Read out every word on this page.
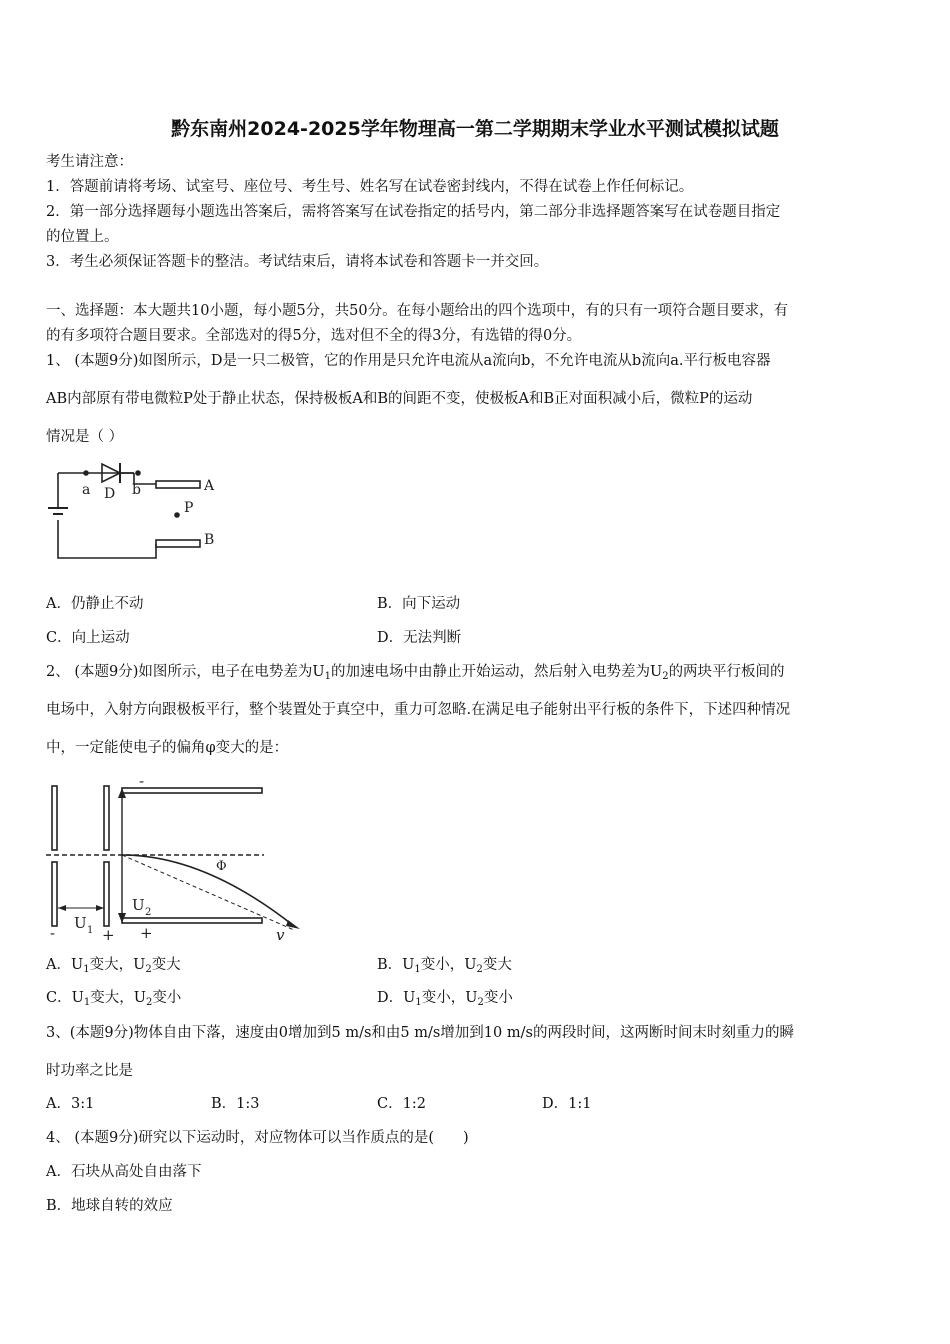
黔东南州2024-2025学年物理高一第二学期期末学业水平测试模拟试题
考生请注意：
1．答题前请将考场、试室号、座位号、考生号、姓名写在试卷密封线内，不得在试卷上作任何标记。
2．第一部分选择题每小题选出答案后，需将答案写在试卷指定的括号内，第二部分非选择题答案写在试卷题目指定
的位置上。
3．考生必须保证答题卡的整洁。考试结束后，请将本试卷和答题卡一并交回。
一、选择题：本大题共10小题，每小题5分，共50分。在每小题给出的四个选项中，有的只有一项符合题目要求，有
的有多项符合题目要求。全部选对的得5分，选对但不全的得3分，有选错的得0分。
1、 (本题9分)如图所示，D是一只二极管，它的作用是只允许电流从a流向b，不允许电流从b流向a.平行板电容器
AB内部原有带电微粒P处于静止状态，保持极板A和B的间距不变，使极板A和B正对面积减小后，微粒P的运动
情况是（ ）
a D b	A
P
B
A．仍静止不动	B．向下运动
C．向上运动	D．无法判断
2、 (本题9分)如图所示，电子在电势差为$U_1$的加速电场中由静止开始运动，然后射入电势差为$U_2$的两块平行板间的
电场中，入射方向跟极板平行，整个装置处于真空中，重力可忽略.在满足电子能射出平行板的条件下，下述四种情况
中，一定能使电子的偏角φ变大的是：
-
Φ
U 2
U 1
-	+ +	v
A．$U_1$变大，$U_2$变大	B．$U_1$变小，$U_2$变大
C．$U_1$变大，$U_2$变小	D．$U_1$变小，$U_2$变小
3、(本题9分)物体自由下落，速度由0增加到5 m/s和由5 m/s增加到10 m/s的两段时间，这两断时间末时刻重力的瞬
时功率之比是
A．3:1	B．1:3	C．1:2	D．1:1
4、 (本题9分)研究以下运动时，对应物体可以当作质点的是(　　)
A．石块从高处自由落下
B．地球自转的效应
